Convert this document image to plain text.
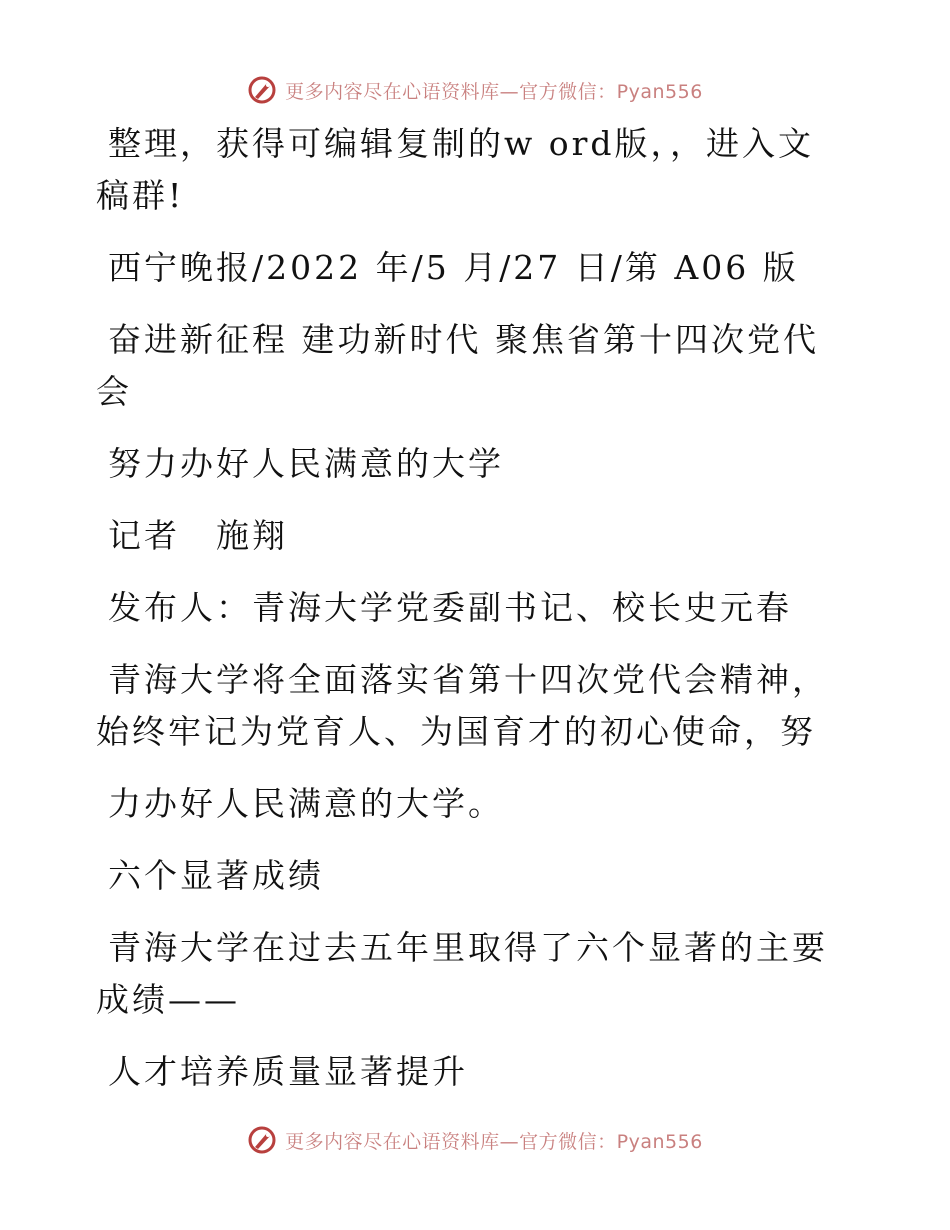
更多内容尽在心语资料库—官方微信：Pyan556

整理，获得可编辑复制的w ord版，，进入文稿群!

西宁晚报/2022 年/5 月/27 日/第 A06 版

奋进新征程 建功新时代 聚焦省第十四次党代会

努力办好人民满意的大学

记者　施翔

发布人：青海大学党委副书记、校长史元春

青海大学将全面落实省第十四次党代会精神，始终牢记为党育人、为国育才的初心使命，努

力办好人民满意的大学。

六个显著成绩

青海大学在过去五年里取得了六个显著的主要成绩——

人才培养质量显著提升

更多内容尽在心语资料库—官方微信：Pyan556
